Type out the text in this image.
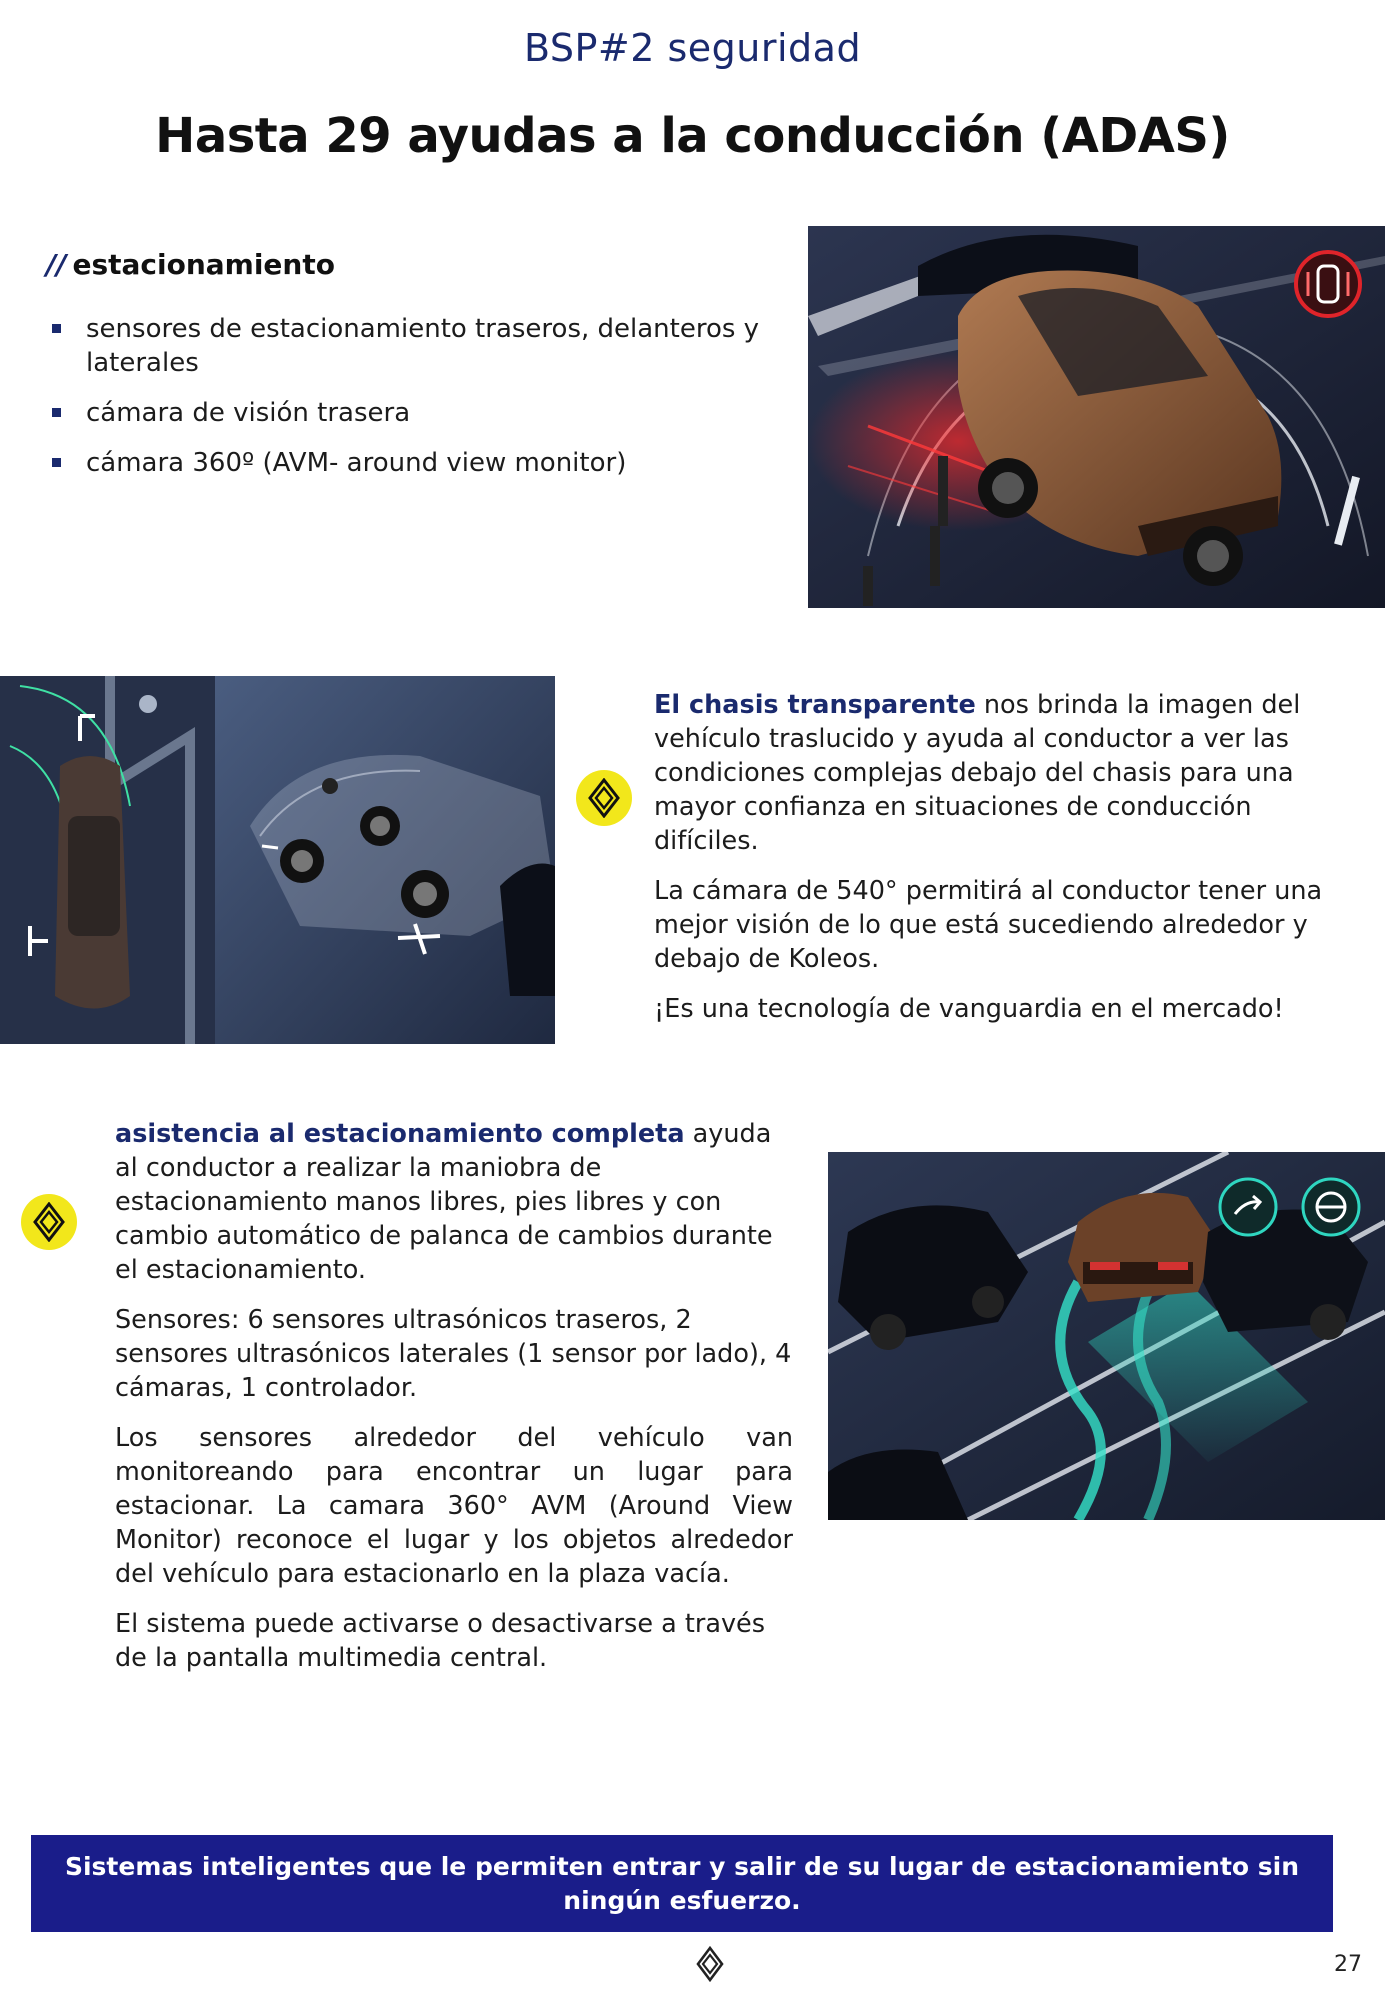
BSP#2 seguridad
Hasta 29 ayudas a la conducción (ADAS)
// estacionamiento
sensores de estacionamiento traseros, delanteros y laterales
cámara de visión trasera
cámara 360º (AVM- around view monitor)

El chasis transparente nos brinda la imagen del vehículo traslucido y ayuda al conductor a ver las condiciones complejas debajo del chasis para una mayor confianza en situaciones de conducción difíciles.

La cámara de 540° permitirá al conductor tener una mejor visión de lo que está sucediendo alrededor y debajo de Koleos.

¡Es una tecnología de vanguardia en el mercado!

asistencia al estacionamiento completa ayuda al conductor a realizar la maniobra de estacionamiento manos libres, pies libres y con cambio automático de palanca de cambios durante el estacionamiento.

Sensores: 6 sensores ultrasónicos traseros, 2 sensores ultrasónicos laterales (1 sensor por lado), 4 cámaras, 1 controlador.

Los sensores alrededor del vehículo van monitoreando para encontrar un lugar para estacionar. La camara 360° AVM (Around View Monitor) reconoce el lugar y los objetos alrededor del vehículo para estacionarlo en la plaza vacía.

El sistema puede activarse o desactivarse a través de la pantalla multimedia central.

Sistemas inteligentes que le permiten entrar y salir de su lugar de estacionamiento sin ningún esfuerzo.
27
